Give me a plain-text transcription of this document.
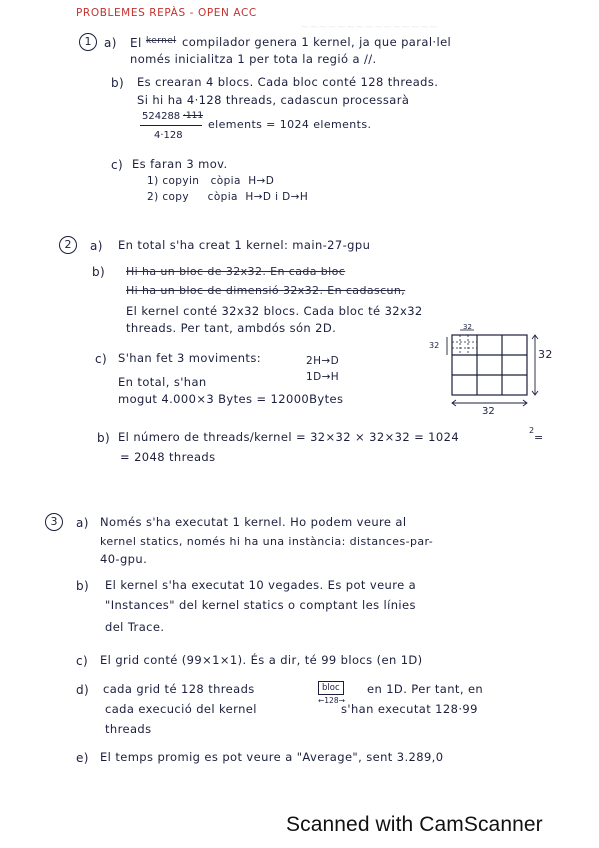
~~~~~~~~~~~~~~~
PROBLEMES REPÀS - OPEN ACC
1	a) El kernel compilador genera 1 kernel, ja que paral·lel
només inicialitza 1 per tota la regió a //.
b) Es crearan 4 blocs. Cada bloc conté 128 threads.
Si hi ha 4·128 threads, cadascun processarà
524288 ·111
4·128
elements = 1024 elements.
c) Es faran 3 mov.
1) copyin   còpia  H→D
2) copy     còpia  H→D i D→H
2	a) En total s'ha creat 1 kernel: main-27-gpu
b) Hi ha un bloc de 32x32. En cada bloc
Hi ha un bloc de dimensió 32x32. En cadascun,
El kernel conté 32x32 blocs. Cada bloc té 32x32
threads. Per tant, ambdós són 2D.
c) S'han fet 3 moviments:	2H→D
1D→H
En total, s'han
mogut 4.000×3 Bytes = 12000Bytes
32
32
32
32
b) El número de threads/kernel = 32×32 × 32×32 = 1024	2
=
= 2048 threads
3	a) Només s'ha executat 1 kernel. Ho podem veure al
kernel statics, només hi ha una instància: distances-par-
40-gpu.
b) El kernel s'ha executat 10 vegades. Es pot veure a
"Instances" del kernel statics o comptant les línies
del Trace.
c) El grid conté (99×1×1). És a dir, té 99 blocs (en 1D)
d) cada grid té 128 threads	bloc
←128→
en 1D. Per tant, en
cada execució del kernel	s'han executat 128·99
threads
e) El temps promig es pot veure a "Average", sent 3.289,0
Scanned with CamScanner
